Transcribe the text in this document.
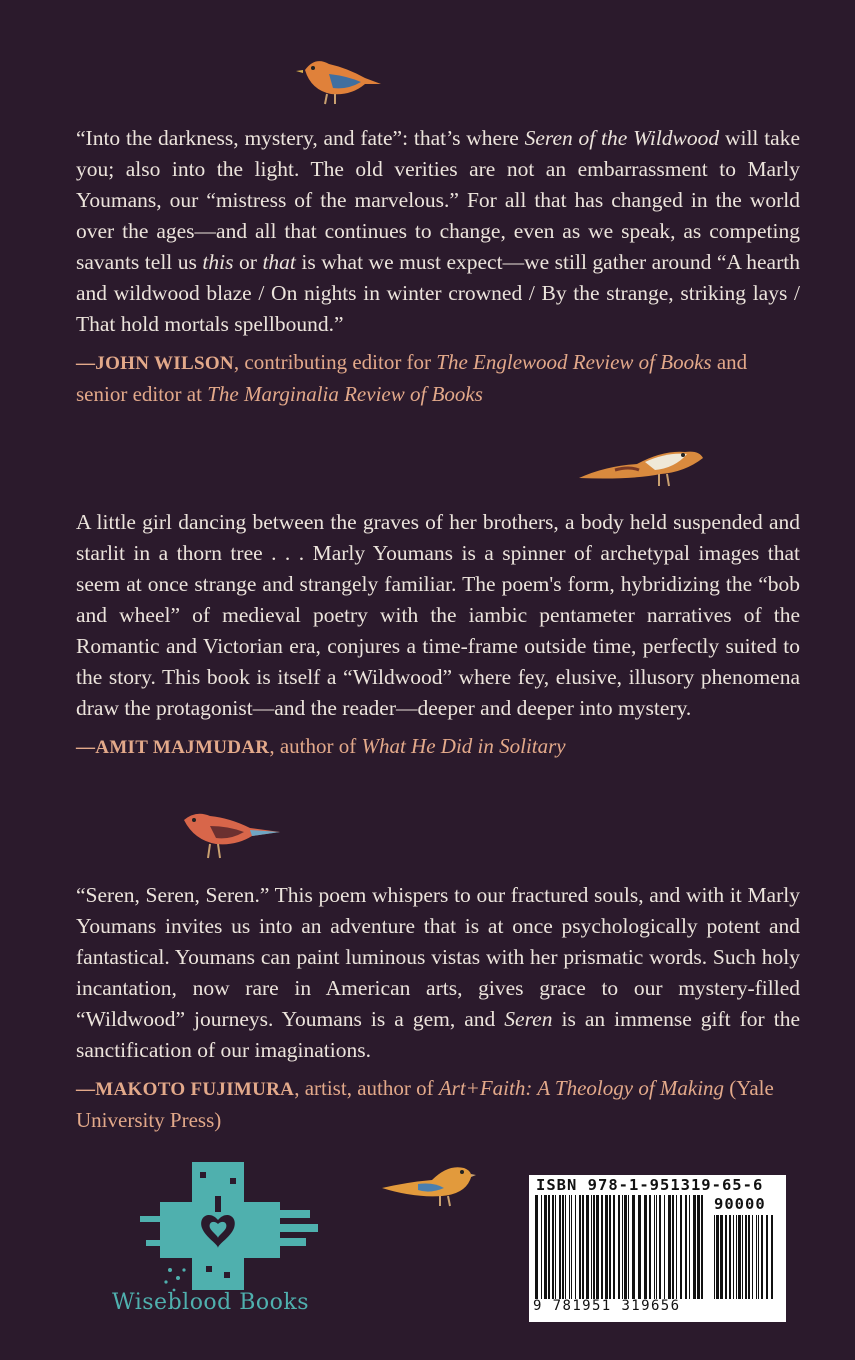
“Into the darkness, mystery, and fate”: that’s where Seren of the Wildwood will take you; also into the light. The old verities are not an embarrassment to Marly Youmans, our “mistress of the marvelous.” For all that has changed in the world over the ages—and all that continues to change, even as we speak, as competing savants tell us this or that is what we must expect—we still gather around “A hearth and wildwood blaze / On nights in winter crowned / By the strange, striking lays / That hold mortals spellbound.”

—JOHN WILSON, contributing editor for The Englewood Review of Books and senior editor at The Marginalia Review of Books

A little girl dancing between the graves of her brothers, a body held suspended and starlit in a thorn tree . . . Marly Youmans is a spinner of archetypal images that seem at once strange and strangely familiar. The poem's form, hybridizing the “bob and wheel” of medieval poetry with the iambic pentameter narratives of the Romantic and Victorian era, conjures a time-frame outside time, perfectly suited to the story. This book is itself a “Wildwood” where fey, elusive, illusory phenomena draw the protagonist—and the reader—deeper and deeper into mystery.

—AMIT MAJMUDAR, author of What He Did in Solitary

“Seren, Seren, Seren.” This poem whispers to our fractured souls, and with it Marly Youmans invites us into an adventure that is at once psychologically potent and fantastical. Youmans can paint luminous vistas with her prismatic words. Such holy incantation, now rare in American arts, gives grace to our mystery-filled “Wildwood” journeys. Youmans is a gem, and Seren is an immense gift for the sanctification of our imaginations.

—MAKOTO FUJIMURA, artist, author of Art+Faith: A Theology of Making (Yale University Press)
Wiseblood Books
ISBN 978-1-951319-65-6
90000
9 781951 319656
